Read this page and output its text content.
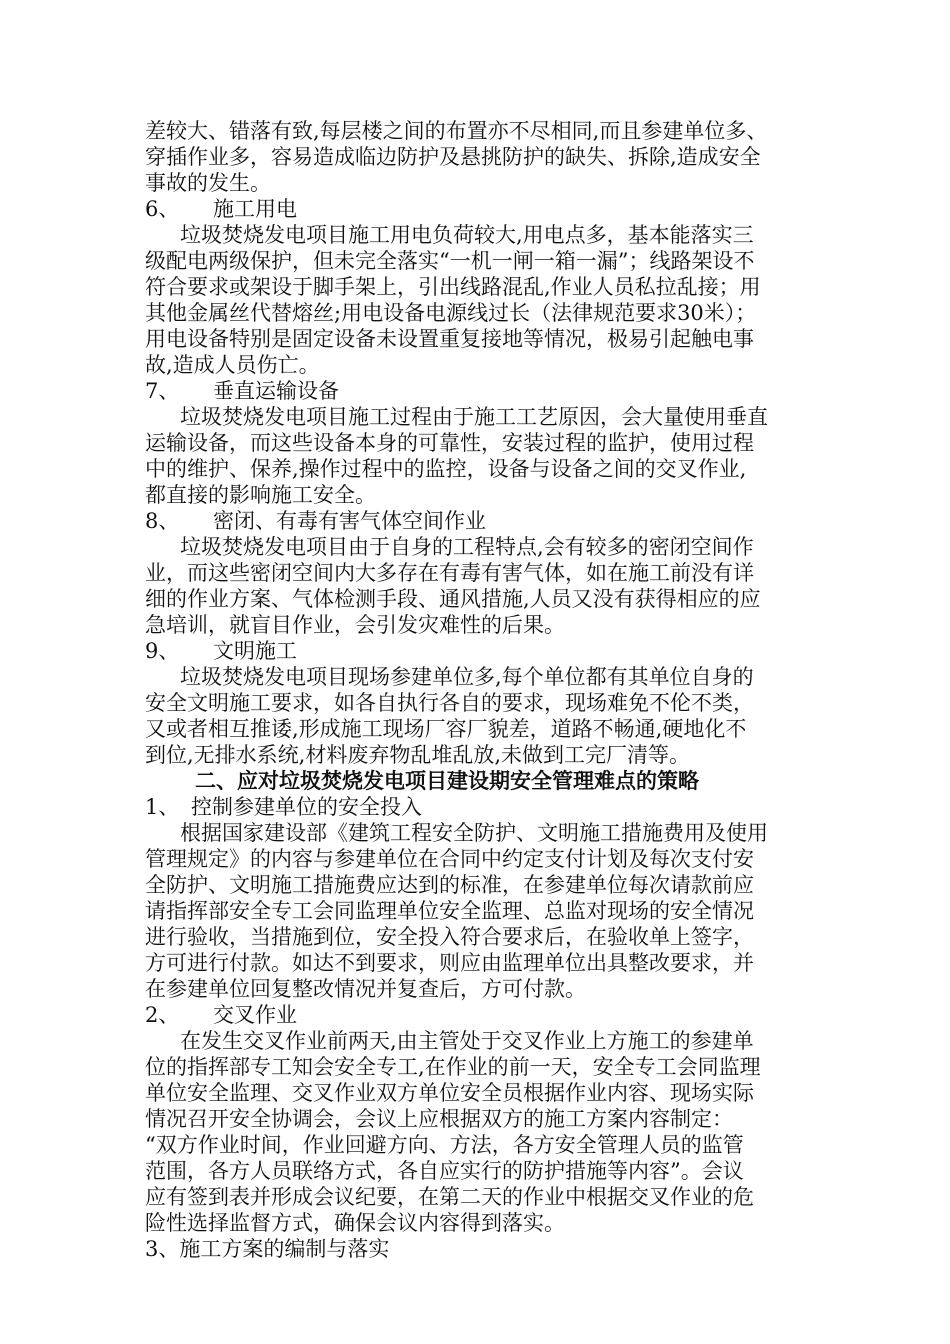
差较大、错落有致,每层楼之间的布置亦不尽相同,而且参建单位多、
穿插作业多，容易造成临边防护及悬挑防护的缺失、拆除,造成安全
事故的发生。
6、	施工用电
垃圾焚烧发电项目施工用电负荷较大,用电点多，基本能落实三
级配电两级保护，但未完全落实“一机一闸一箱一漏”；线路架设不
符合要求或架设于脚手架上，引出线路混乱,作业人员私拉乱接；用
其他金属丝代替熔丝;用电设备电源线过长（法律规范要求30米）；
用电设备特别是固定设备未设置重复接地等情况，极易引起触电事
故,造成人员伤亡。
7、	垂直运输设备
垃圾焚烧发电项目施工过程由于施工工艺原因，会大量使用垂直
运输设备，而这些设备本身的可靠性，安装过程的监护，使用过程
中的维护、保养,操作过程中的监控，设备与设备之间的交叉作业,
都直接的影响施工安全。
8、	密闭、有毒有害气体空间作业
垃圾焚烧发电项目由于自身的工程特点,会有较多的密闭空间作
业，而这些密闭空间内大多存在有毒有害气体，如在施工前没有详
细的作业方案、气体检测手段、通风措施,人员又没有获得相应的应
急培训，就盲目作业，会引发灾难性的后果。
9、	文明施工
垃圾焚烧发电项目现场参建单位多,每个单位都有其单位自身的
安全文明施工要求，如各自执行各自的要求，现场难免不伦不类，
又或者相互推诿,形成施工现场厂容厂貌差，道路不畅通,硬地化不
到位,无排水系统,材料废弃物乱堆乱放,未做到工完厂清等。
二、应对垃圾焚烧发电项目建设期安全管理难点的策略
1、 控制参建单位的安全投入
根据国家建设部《建筑工程安全防护、文明施工措施费用及使用
管理规定》的内容与参建单位在合同中约定支付计划及每次支付安
全防护、文明施工措施费应达到的标准，在参建单位每次请款前应
请指挥部安全专工会同监理单位安全监理、总监对现场的安全情况
进行验收，当措施到位，安全投入符合要求后，在验收单上签字，
方可进行付款。如达不到要求，则应由监理单位出具整改要求，并
在参建单位回复整改情况并复查后，方可付款。
2、	交叉作业
在发生交叉作业前两天,由主管处于交叉作业上方施工的参建单
位的指挥部专工知会安全专工,在作业的前一天，安全专工会同监理
单位安全监理、交叉作业双方单位安全员根据作业内容、现场实际
情况召开安全协调会，会议上应根据双方的施工方案内容制定：
“双方作业时间，作业回避方向、方法，各方安全管理人员的监管
范围，各方人员联络方式，各自应实行的防护措施等内容”。会议
应有签到表并形成会议纪要，在第二天的作业中根据交叉作业的危
险性选择监督方式，确保会议内容得到落实。
3、施工方案的编制与落实
